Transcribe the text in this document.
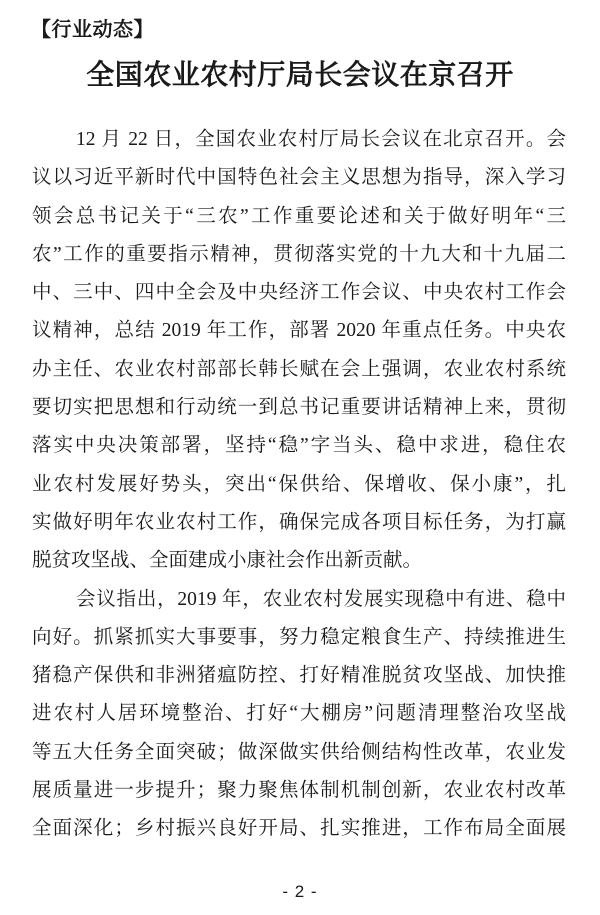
【行业动态】
全国农业农村厅局长会议在京召开
12 月 22 日，全国农业农村厅局长会议在北京召开。会
议以习近平新时代中国特色社会主义思想为指导，深入学习
领会总书记关于“三农”工作重要论述和关于做好明年“三
农”工作的重要指示精神，贯彻落实党的十九大和十九届二
中、三中、四中全会及中央经济工作会议、中央农村工作会
议精神，总结 2019 年工作，部署 2020 年重点任务。中央农
办主任、农业农村部部长韩长赋在会上强调，农业农村系统
要切实把思想和行动统一到总书记重要讲话精神上来，贯彻
落实中央决策部署，坚持“稳”字当头、稳中求进，稳住农
业农村发展好势头，突出“保供给、保增收、保小康”，扎
实做好明年农业农村工作，确保完成各项目标任务，为打赢
脱贫攻坚战、全面建成小康社会作出新贡献。
会议指出，2019 年，农业农村发展实现稳中有进、稳中
向好。抓紧抓实大事要事，努力稳定粮食生产、持续推进生
猪稳产保供和非洲猪瘟防控、打好精准脱贫攻坚战、加快推
进农村人居环境整治、打好“大棚房”问题清理整治攻坚战
等五大任务全面突破；做深做实供给侧结构性改革，农业发
展质量进一步提升；聚力聚焦体制机制创新，农业农村改革
全面深化；乡村振兴良好开局、扎实推进，工作布局全面展
- 2 -
